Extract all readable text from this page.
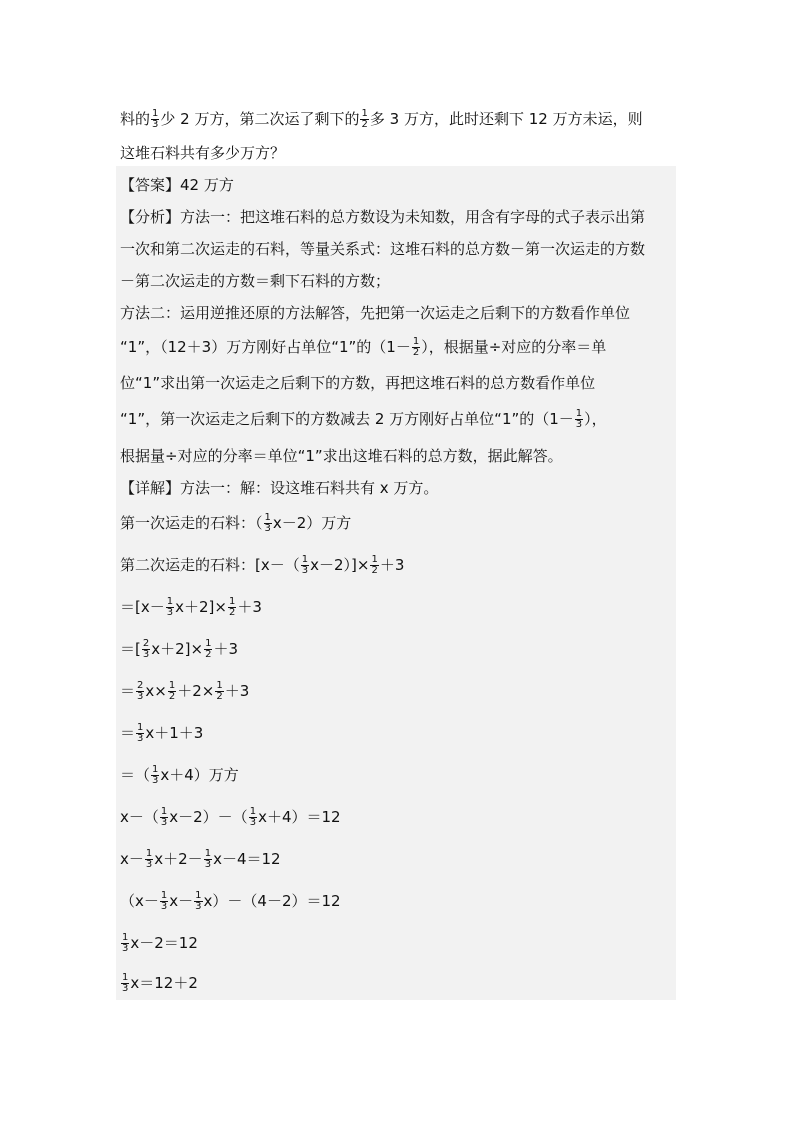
料的 $\frac{1}{3}$ 少 2 万方，第二次运了剩下的 $\frac{1}{2}$ 多 3 万方，此时还剩下 12 万方未运，则
这堆石料共有多少万方？
【答案】42 万方
【分析】方法一：把这堆石料的总方数设为未知数，用含有字母的式子表示出第
一次和第二次运走的石料，等量关系式：这堆石料的总方数－第一次运走的方数
－第二次运走的方数＝剩下石料的方数；
方法二：运用逆推还原的方法解答，先把第一次运走之后剩下的方数看作单位
“1”，（12＋3）万方刚好占单位“1”的（$1- \frac{1}{2}$ ），根据量÷对应的分率＝单
位“1”求出第一次运走之后剩下的方数，再把这堆石料的总方数看作单位
“1”，第一次运走之后剩下的方数减去 2 万方刚好占单位“1”的（$1- \frac{1}{3}$ ），
根据量÷对应的分率＝单位“1”求出这堆石料的总方数，据此解答。
【详解】方法一：解：设这堆石料共有 x 万方。
第一次运走的石料：（ $\frac{1}{3} x-2$）万方
第二次运走的石料：$[x-( \frac{1}{3} x-2)]\times \frac{1}{2} +3$
$=[x- \frac{1}{3} x+2]\times \frac{1}{2} +3$
＝[ $\frac{2}{3} x+2]\times \frac{1}{2} +3$
＝ $\frac{2}{3} x\times \frac{1}{2} +2\times \frac{1}{2} +3$
＝ $\frac{1}{3} x+1+3$
＝（ $\frac{1}{3} x+4$）万方
$x-( \frac{1}{3} x-2)-( \frac{1}{3} x+4)=12$
$x- \frac{1}{3} x+2- \frac{1}{3} x-4=12$
$(x- \frac{1}{3} x- \frac{1}{3} x)-(4-2)=12$
$\frac{1}{3} x-2=12$
$\frac{1}{3} x=12+2$
